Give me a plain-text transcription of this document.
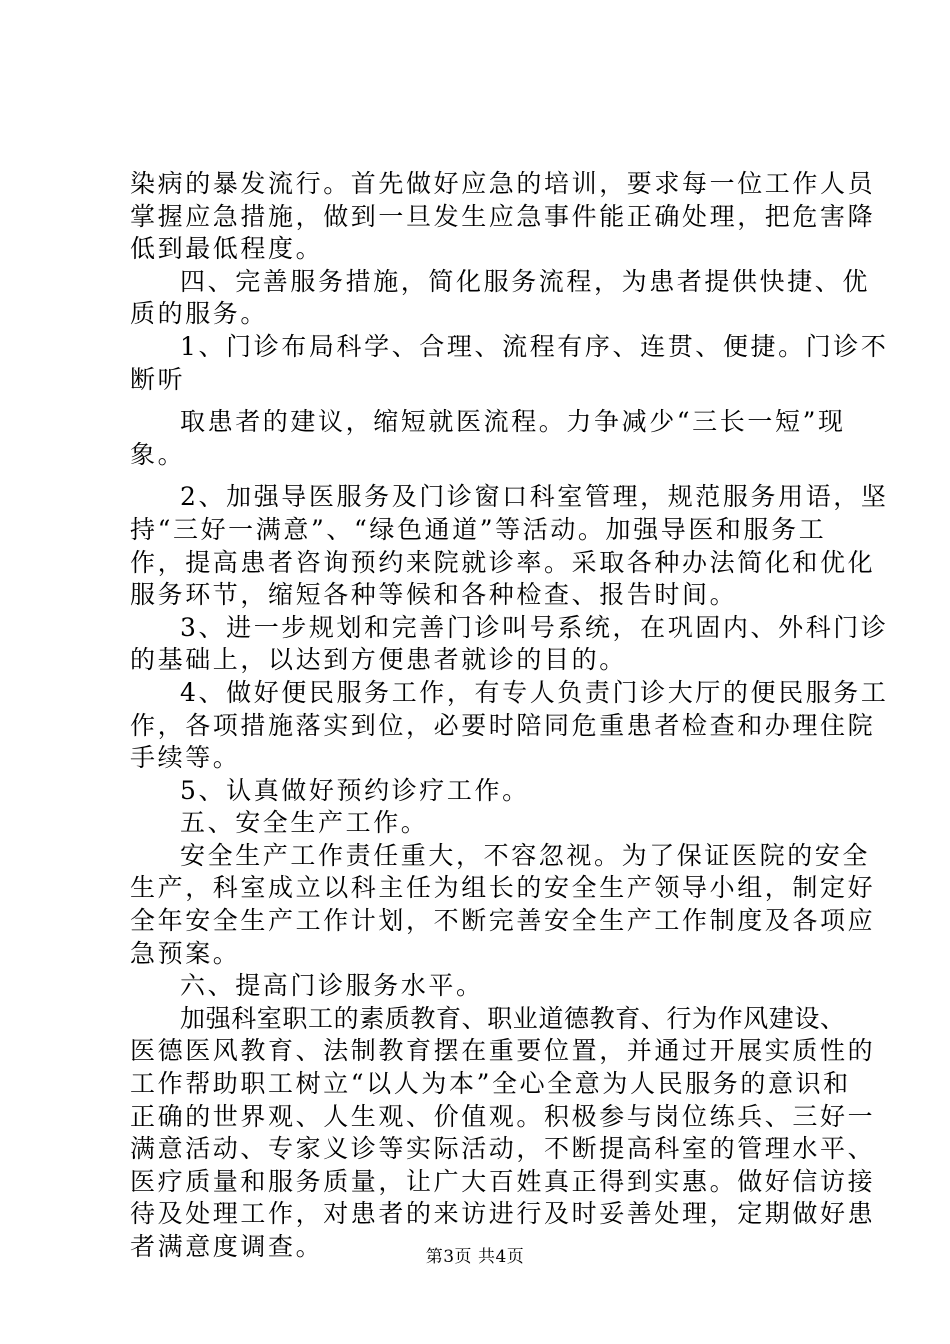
染病的暴发流行。首先做好应急的培训，要求每一位工作人员
掌握应急措施，做到一旦发生应急事件能正确处理，把危害降
低到最低程度。
四、完善服务措施，简化服务流程，为患者提供快捷、优
质的服务。
1、门诊布局科学、合理、流程有序、连贯、便捷。门诊不
断听
取患者的建议，缩短就医流程。力争减少“三长一短”现
象。
2、加强导医服务及门诊窗口科室管理，规范服务用语，坚
持“三好一满意”、“绿色通道”等活动。加强导医和服务工
作，提高患者咨询预约来院就诊率。采取各种办法简化和优化
服务环节，缩短各种等候和各种检查、报告时间。
3、进一步规划和完善门诊叫号系统，在巩固内、外科门诊
的基础上，以达到方便患者就诊的目的。
4、做好便民服务工作，有专人负责门诊大厅的便民服务工
作，各项措施落实到位，必要时陪同危重患者检查和办理住院
手续等。
5、认真做好预约诊疗工作。
五、安全生产工作。
安全生产工作责任重大，不容忽视。为了保证医院的安全
生产，科室成立以科主任为组长的安全生产领导小组，制定好
全年安全生产工作计划，不断完善安全生产工作制度及各项应
急预案。
六、提高门诊服务水平。
加强科室职工的素质教育、职业道德教育、行为作风建设、
医德医风教育、法制教育摆在重要位置，并通过开展实质性的
工作帮助职工树立“以人为本”全心全意为人民服务的意识和
正确的世界观、人生观、价值观。积极参与岗位练兵、三好一
满意活动、专家义诊等实际活动，不断提高科室的管理水平、
医疗质量和服务质量，让广大百姓真正得到实惠。做好信访接
待及处理工作，对患者的来访进行及时妥善处理，定期做好患
者满意度调查。	第3页 共4页
